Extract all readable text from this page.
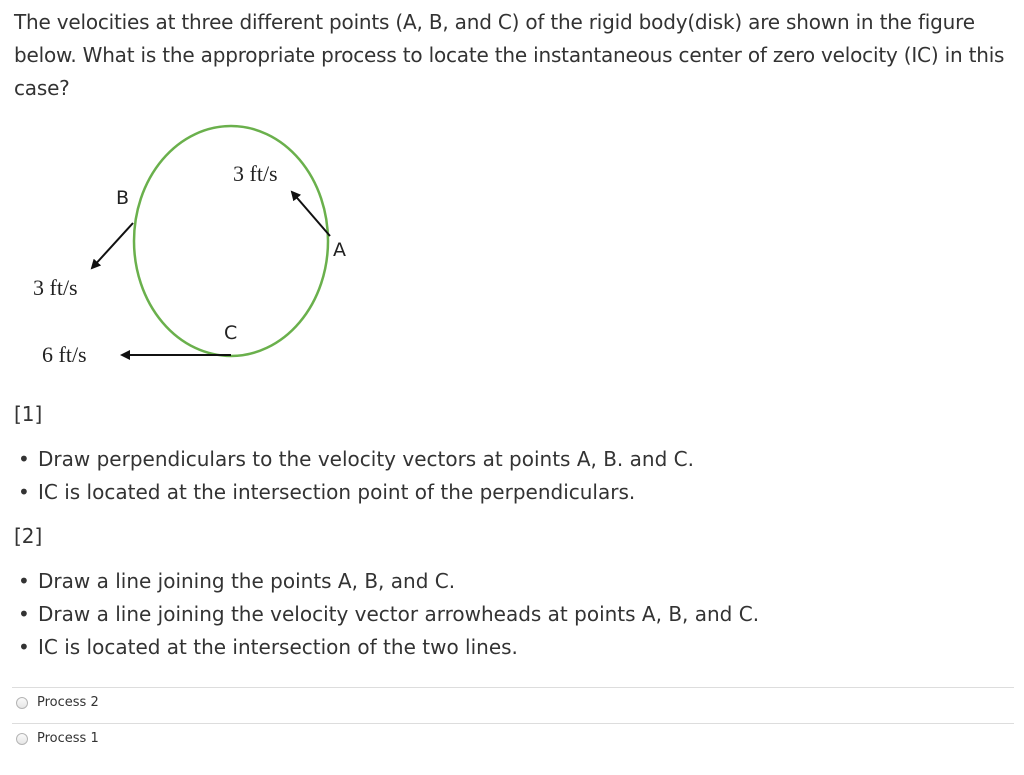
The velocities at three different points (A, B, and C) of the rigid body(disk) are shown in the figure below. What is the appropriate process to locate the instantaneous center of zero velocity (IC) in this case?

3 ft/s
3 ft/s
6 ft/s
A
B
C

[1]

• Draw perpendiculars to the velocity vectors at points A, B. and C.
• IC is located at the intersection point of the perpendiculars.

[2]

• Draw a line joining the points A, B, and C.
• Draw a line joining the velocity vector arrowheads at points A, B, and C.
• IC is located at the intersection of the two lines.
Process 2
Process 1
